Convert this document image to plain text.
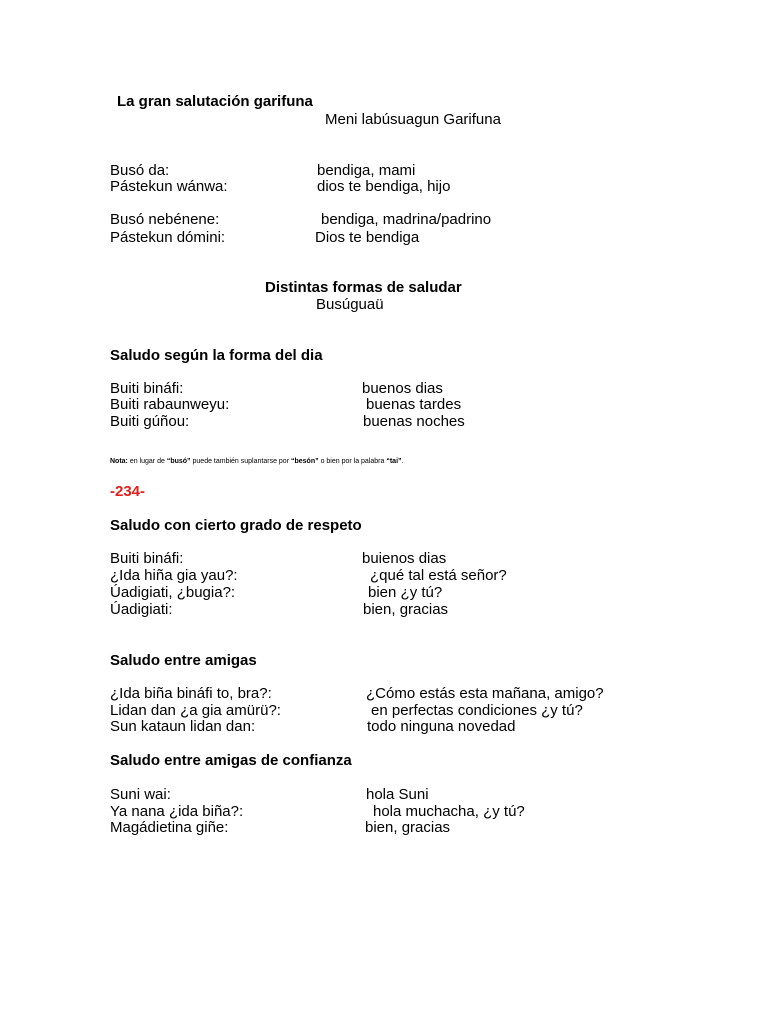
La gran salutación garifuna
Meni labúsuagun Garifuna
Busó da:	bendiga, mami
Pástekun wánwa:	dios te bendiga, hijo
Busó nebénene:	bendiga, madrina/padrino
Pástekun dómini:	Dios te bendiga
Distintas formas de saludar
Busúguaü
Saludo según la forma del dia
Buiti bináfi:	buenos dias
Buiti rabaunweyu:	buenas tardes
Buiti gúñou:	buenas noches
Nota: en lugar de “busó” puede también suplantarse por “besón” o bien por la palabra “tai”.
-234-
Saludo con cierto grado de respeto
Buiti bináfi:	buienos dias
¿Ida hiña gia yau?:	¿qué tal está señor?
Úadigiati, ¿bugia?:	bien ¿y tú?
Úadigiati:	bien, gracias
Saludo entre amigas
¿Ida biña bináfi to, bra?:	¿Cómo estás esta mañana, amigo?
Lidan dan ¿a gia amürü?:	en perfectas condiciones ¿y tú?
Sun kataun lidan dan:	todo ninguna novedad
Saludo entre amigas de confianza
Suni wai:	hola Suni
Ya nana ¿ida biña?:	hola muchacha, ¿y tú?
Magádietina giñe:	bien, gracias
